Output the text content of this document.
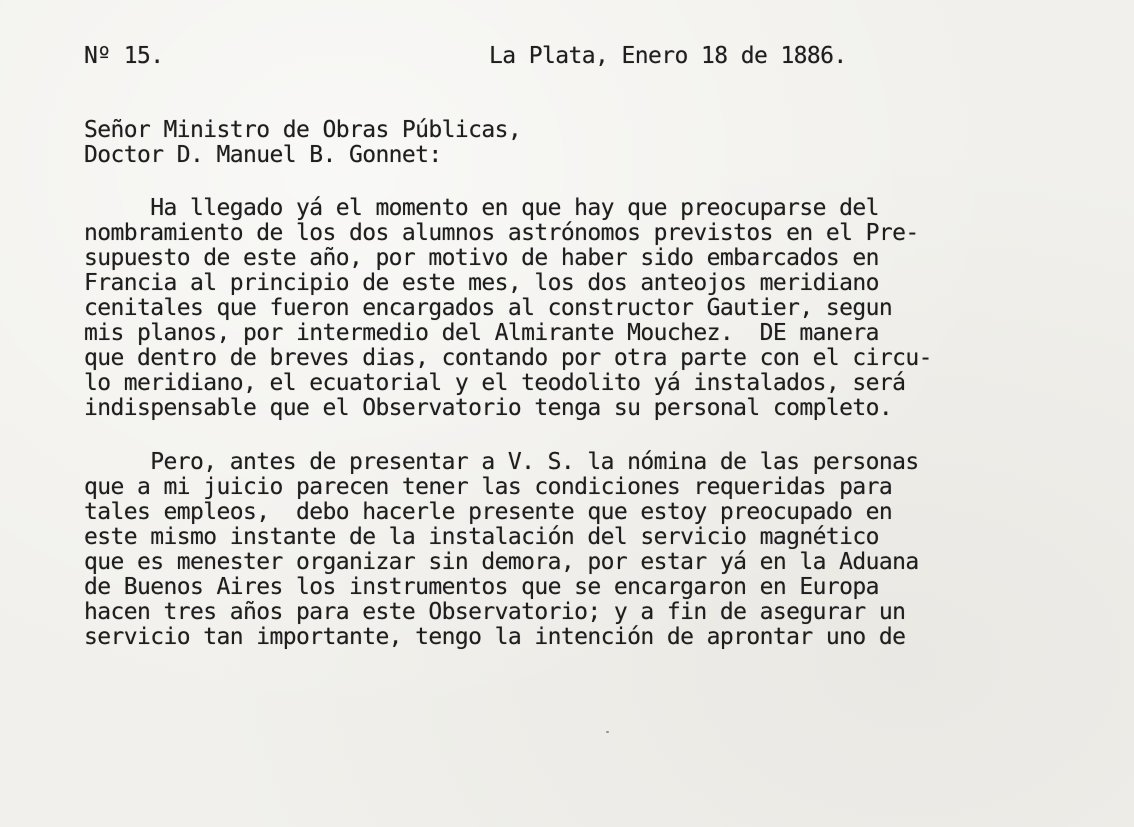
Nº 15.	La Plata, Enero 18 de 1886.
Señor Ministro de Obras Públicas,
Doctor D. Manuel B. Gonnet:
Ha llegado yá el momento en que hay que preocuparse del
nombramiento de los dos alumnos astrónomos previstos en el Pre-
supuesto de este año, por motivo de haber sido embarcados en
Francia al principio de este mes, los dos anteojos meridiano
cenitales que fueron encargados al constructor Gautier, segun
mis planos, por intermedio del Almirante Mouchez.  DE manera
que dentro de breves dias, contando por otra parte con el circu-
lo meridiano, el ecuatorial y el teodolito yá instalados, será
indispensable que el Observatorio tenga su personal completo.
Pero, antes de presentar a V. S. la nómina de las personas
que a mi juicio parecen tener las condiciones requeridas para
tales empleos,  debo hacerle presente que estoy preocupado en
este mismo instante de la instalación del servicio magnético
que es menester organizar sin demora, por estar yá en la Aduana
de Buenos Aires los instrumentos que se encargaron en Europa
hacen tres años para este Observatorio; y a fin de asegurar un
servicio tan importante, tengo la intención de aprontar uno de
